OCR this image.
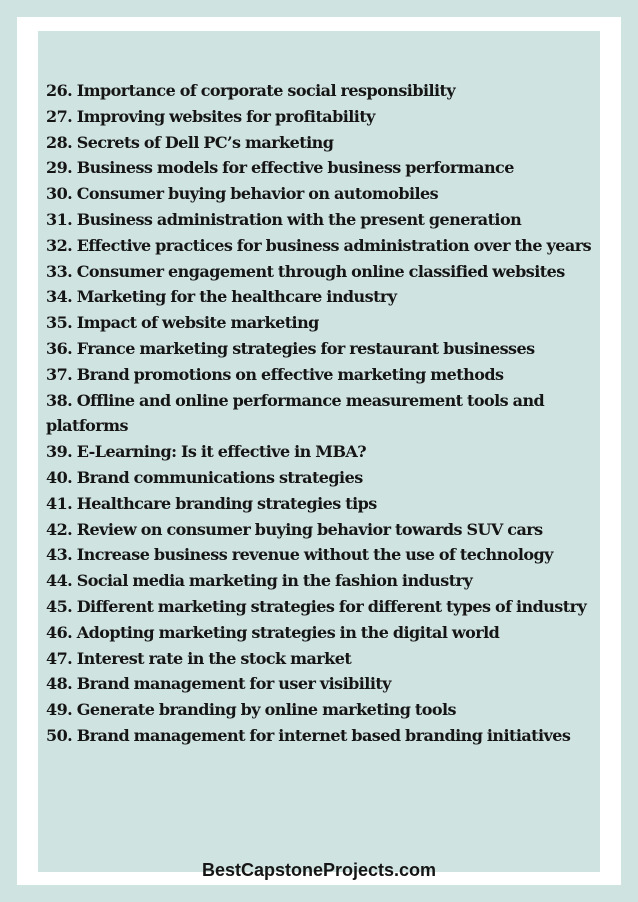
26. Importance of corporate social responsibility
27. Improving websites for profitability
28. Secrets of Dell PC’s marketing
29. Business models for effective business performance
30. Consumer buying behavior on automobiles
31. Business administration with the present generation
32. Effective practices for business administration over the years
33. Consumer engagement through online classified websites
34. Marketing for the healthcare industry
35. Impact of website marketing
36. France marketing strategies for restaurant businesses
37. Brand promotions on effective marketing methods
38. Offline and online performance measurement tools and platforms
39. E-Learning: Is it effective in MBA?
40. Brand communications strategies
41. Healthcare branding strategies tips
42. Review on consumer buying behavior towards SUV cars
43. Increase business revenue without the use of technology
44. Social media marketing in the fashion industry
45. Different marketing strategies for different types of industry
46. Adopting marketing strategies in the digital world
47. Interest rate in the stock market
48. Brand management for user visibility
49. Generate branding by online marketing tools
50. Brand management for internet based branding initiatives
BestCapstoneProjects.com
